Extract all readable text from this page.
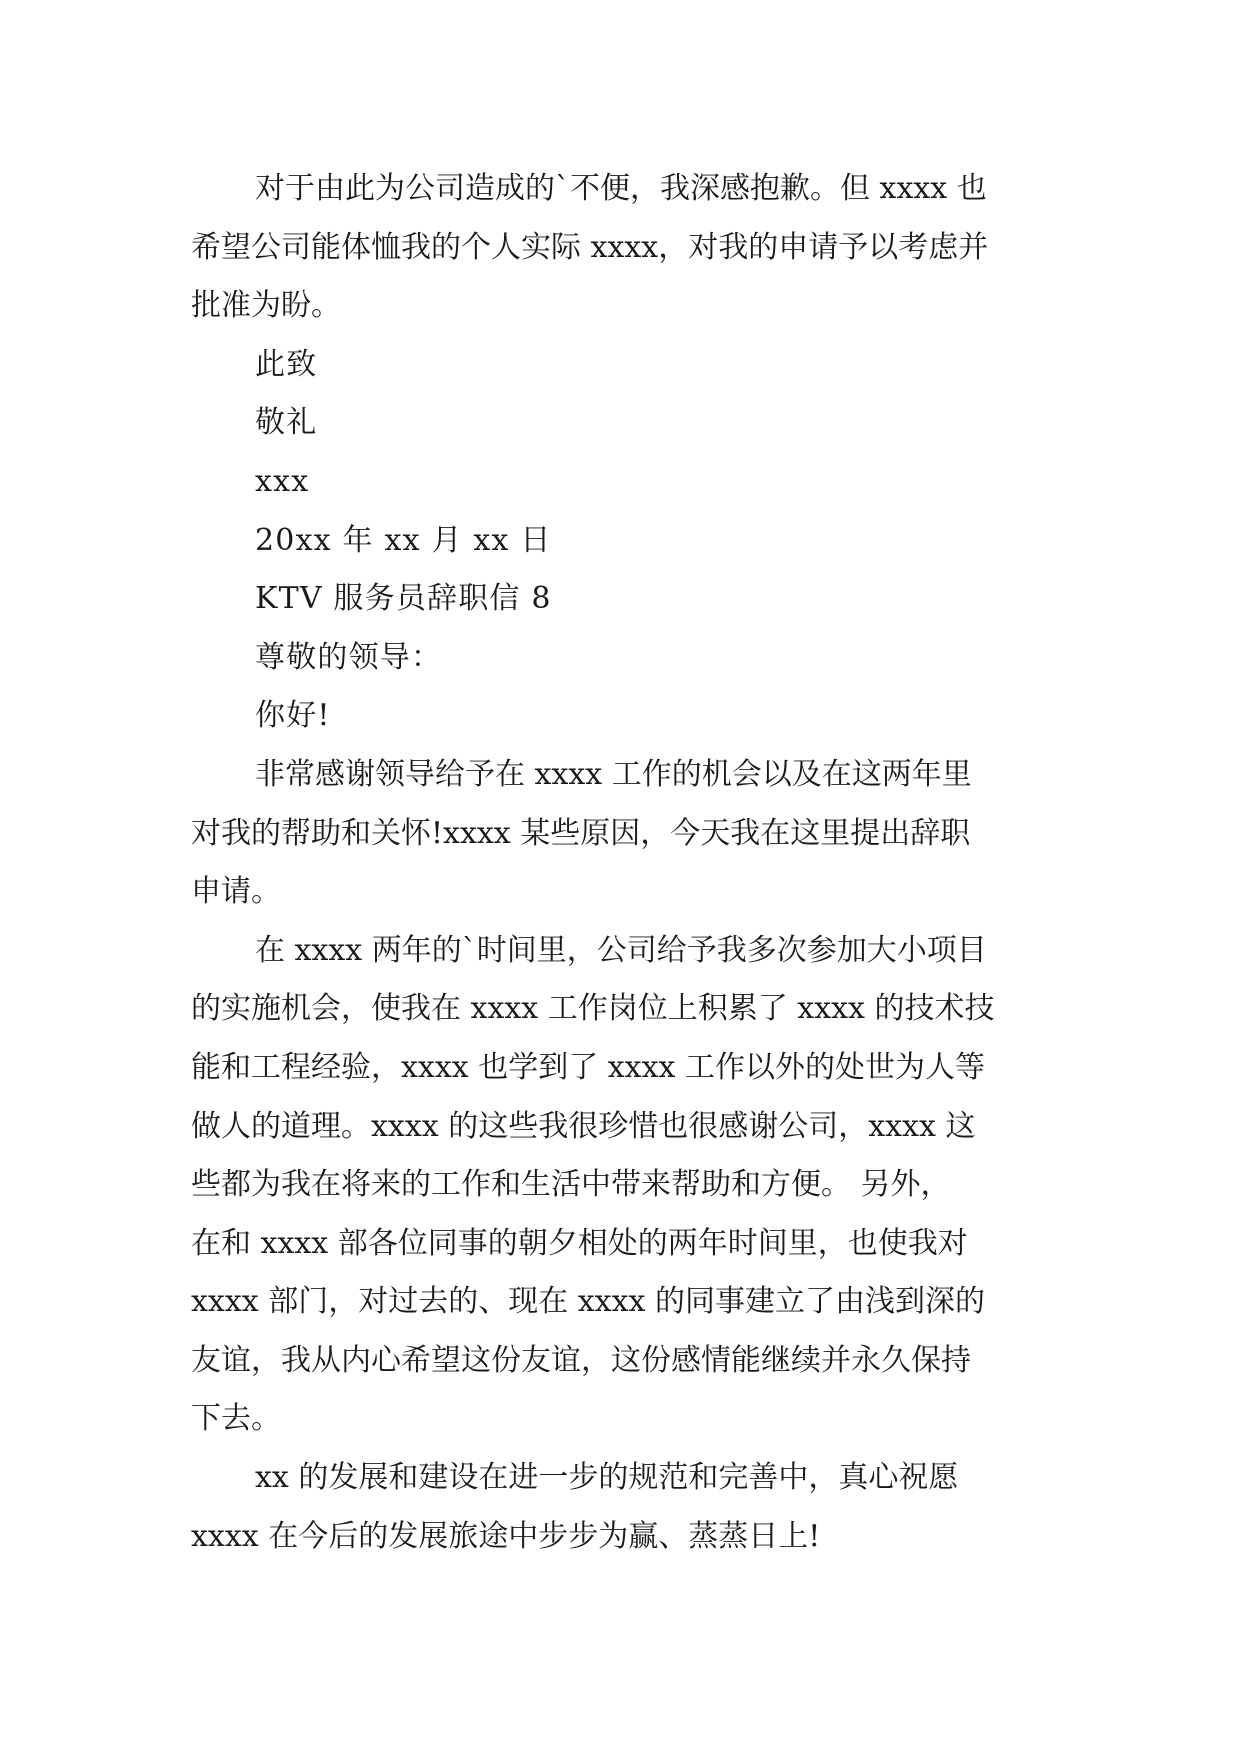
对于由此为公司造成的`不便，我深感抱歉。但 xxxx 也
希望公司能体恤我的个人实际 xxxx，对我的申请予以考虑并
批准为盼。

此致

敬礼

xxx

20xx 年 xx 月 xx 日

KTV 服务员辞职信 8

尊敬的领导：

你好!

非常感谢领导给予在 xxxx 工作的机会以及在这两年里
对我的帮助和关怀!xxxx 某些原因，今天我在这里提出辞职
申请。
在 xxxx 两年的`时间里，公司给予我多次参加大小项目
的实施机会，使我在 xxxx 工作岗位上积累了 xxxx 的技术技
能和工程经验，xxxx 也学到了 xxxx 工作以外的处世为人等
做人的道理。xxxx 的这些我很珍惜也很感谢公司，xxxx 这
些都为我在将来的工作和生活中带来帮助和方便。 另外，
在和 xxxx 部各位同事的朝夕相处的两年时间里，也使我对
xxxx 部门，对过去的、现在 xxxx 的同事建立了由浅到深的
友谊，我从内心希望这份友谊，这份感情能继续并永久保持
下去。
xx 的发展和建设在进一步的规范和完善中，真心祝愿
xxxx 在今后的发展旅途中步步为赢、蒸蒸日上!
